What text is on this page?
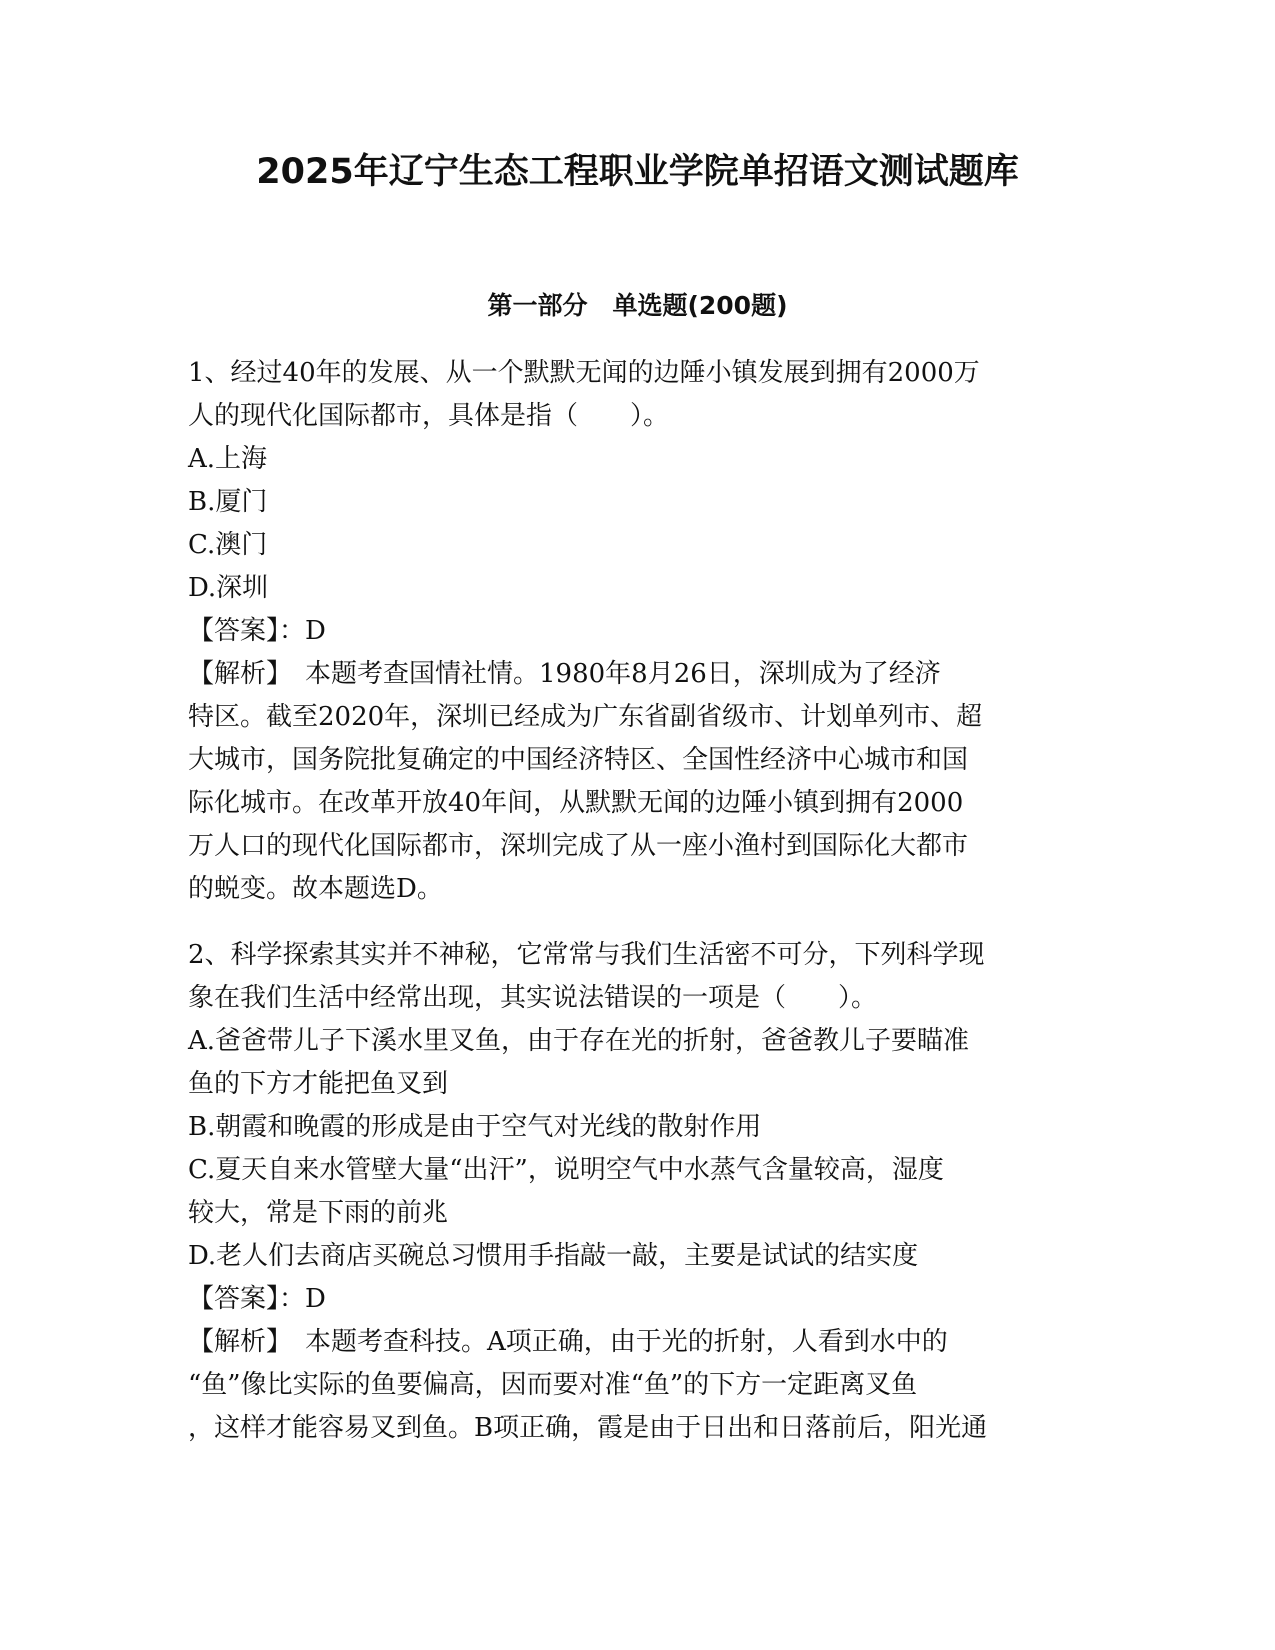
2025年辽宁生态工程职业学院单招语文测试题库
第一部分　单选题(200题)
1、经过40年的发展、从一个默默无闻的边陲小镇发展到拥有2000万
人的现代化国际都市，具体是指（　　）。
A.上海
B.厦门
C.澳门
D.深圳
【答案】：D
【解析】　本题考查国情社情。1980年8月26日，深圳成为了经济
特区。截至2020年，深圳已经成为广东省副省级市、计划单列市、超
大城市，国务院批复确定的中国经济特区、全国性经济中心城市和国
际化城市。在改革开放40年间，从默默无闻的边陲小镇到拥有2000
万人口的现代化国际都市，深圳完成了从一座小渔村到国际化大都市
的蜕变。故本题选D。
2、科学探索其实并不神秘，它常常与我们生活密不可分，下列科学现
象在我们生活中经常出现，其实说法错误的一项是（　　）。
A.爸爸带儿子下溪水里叉鱼，由于存在光的折射，爸爸教儿子要瞄准
鱼的下方才能把鱼叉到
B.朝霞和晚霞的形成是由于空气对光线的散射作用
C.夏天自来水管壁大量“出汗”，说明空气中水蒸气含量较高，湿度
较大，常是下雨的前兆
D.老人们去商店买碗总习惯用手指敲一敲，主要是试试的结实度
【答案】：D
【解析】　本题考查科技。A项正确，由于光的折射，人看到水中的
“鱼”像比实际的鱼要偏高，因而要对准“鱼”的下方一定距离叉鱼
，这样才能容易叉到鱼。B项正确，霞是由于日出和日落前后，阳光通
